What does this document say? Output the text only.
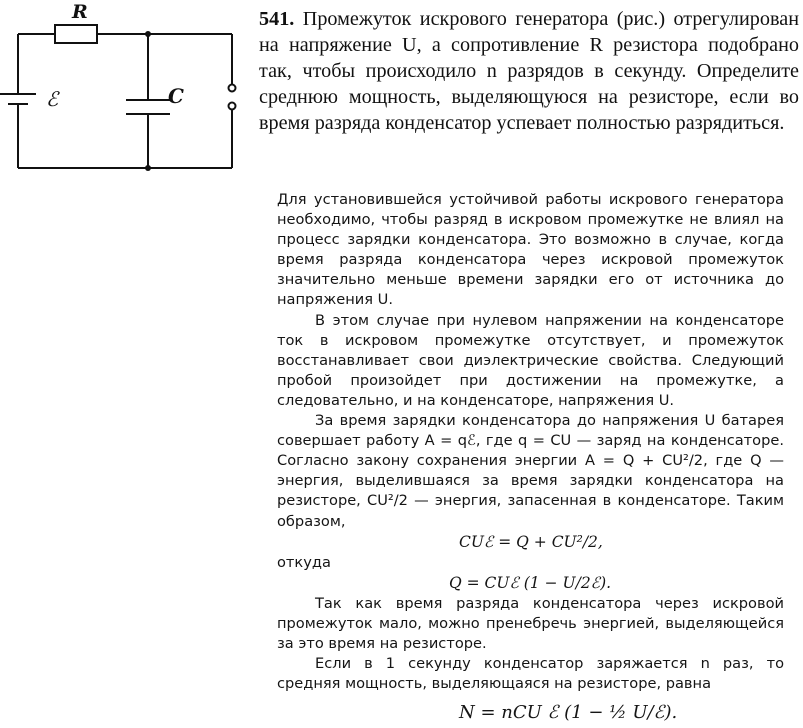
R
ℰ	C
541. Промежуток искрового генератора (рис.) отрегулирован на напряжение U, а сопротивление R резистора подобрано так, чтобы происходило n разрядов в секунду. Определите среднюю мощность, выделяющуюся на резисторе, если во время разряда конденсатор успевает полностью разрядиться.

Для установившейся устойчивой работы искрового генератора необходимо, чтобы разряд в искровом промежутке не влиял на процесс зарядки конденсатора. Это возможно в случае, когда время разряда конденсатора через искровой промежуток значительно меньше времени зарядки его от источника до напряжения U.

В этом случае при нулевом напряжении на конденсаторе ток в искровом промежутке отсутствует, и промежуток восстанавливает свои диэлектрические свойства. Следующий пробой произойдет при достижении на промежутке, а следовательно, и на конденсаторе, напряжения U.

За время зарядки конденсатора до напряжения U батарея совершает работу A = qℰ, где q = CU — заряд на конденсаторе. Согласно закону сохранения энергии A = Q + CU²/2, где Q — энергия, выделившаяся за время зарядки конденсатора на резисторе, CU²/2 — энергия, запасенная в конденсаторе. Таким образом,

CUℰ = Q + CU²/2,

откуда

Q = CUℰ (1 − U/2ℰ).

Так как время разряда конденсатора через искровой промежуток мало, можно пренебречь энергией, выделяющейся за это время на резисторе.

Если в 1 секунду конденсатор заряжается n раз, то средняя мощность, выделяющаяся на резисторе, равна

N = nCU ℰ (1 − ½ U/ℰ).
